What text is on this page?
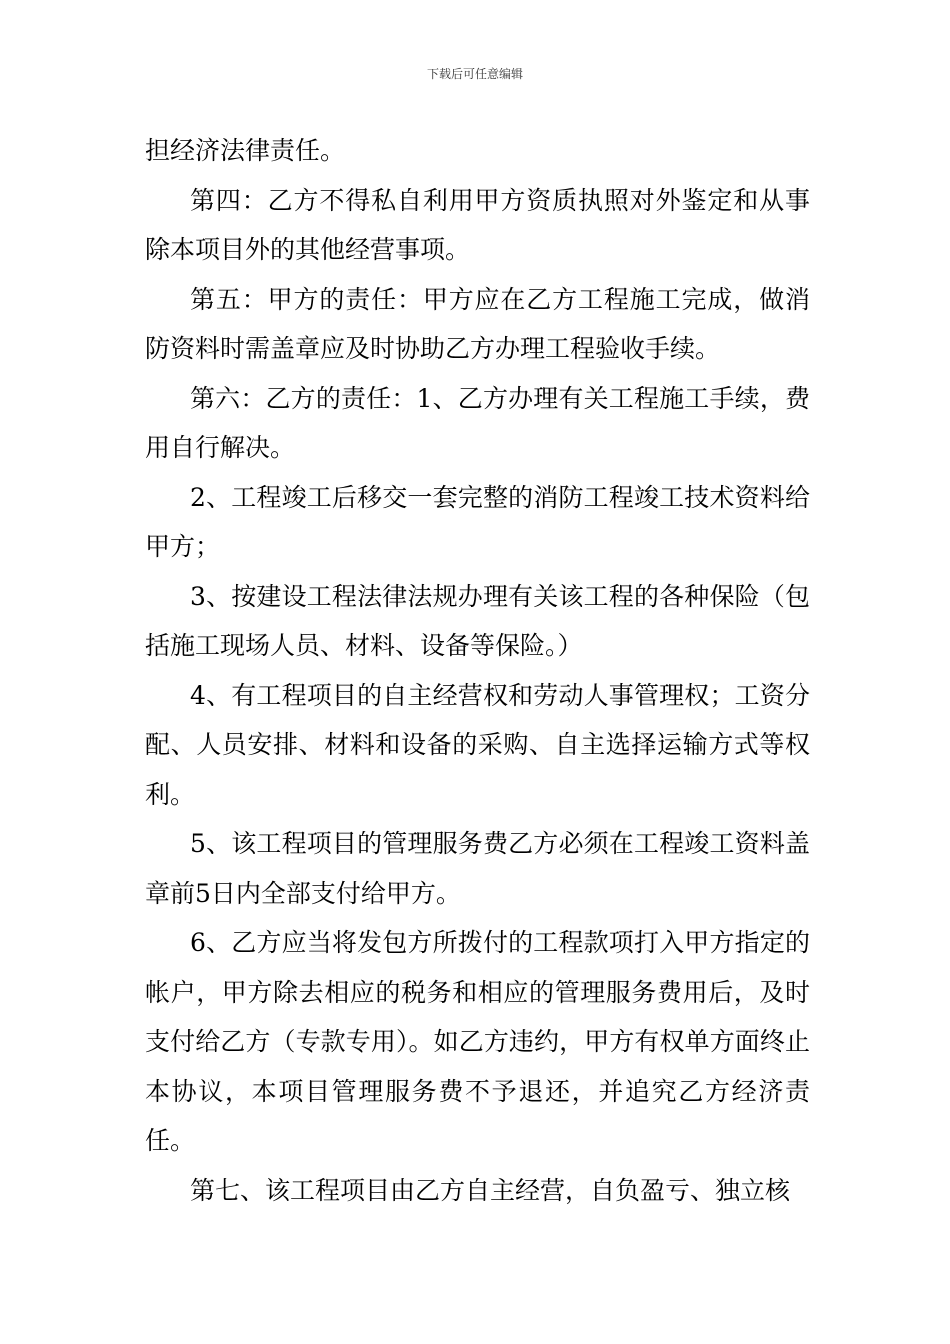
下载后可任意编辑

担经济法律责任。

第四：乙方不得私自利用甲方资质执照对外鉴定和从事除本项目外的其他经营事项。

第五：甲方的责任：甲方应在乙方工程施工完成，做消防资料时需盖章应及时协助乙方办理工程验收手续。

第六：乙方的责任：1、乙方办理有关工程施工手续，费用自行解决。

2、工程竣工后移交一套完整的消防工程竣工技术资料给甲方；

3、按建设工程法律法规办理有关该工程的各种保险（包括施工现场人员、材料、设备等保险。）

4、有工程项目的自主经营权和劳动人事管理权；工资分配、人员安排、材料和设备的采购、自主选择运输方式等权利。

5、该工程项目的管理服务费乙方必须在工程竣工资料盖章前5日内全部支付给甲方。

6、乙方应当将发包方所拨付的工程款项打入甲方指定的帐户，甲方除去相应的税务和相应的管理服务费用后，及时支付给乙方（专款专用）。如乙方违约，甲方有权单方面终止本协议，本项目管理服务费不予退还，并追究乙方经济责任。

第七、该工程项目由乙方自主经营，自负盈亏、独立核
